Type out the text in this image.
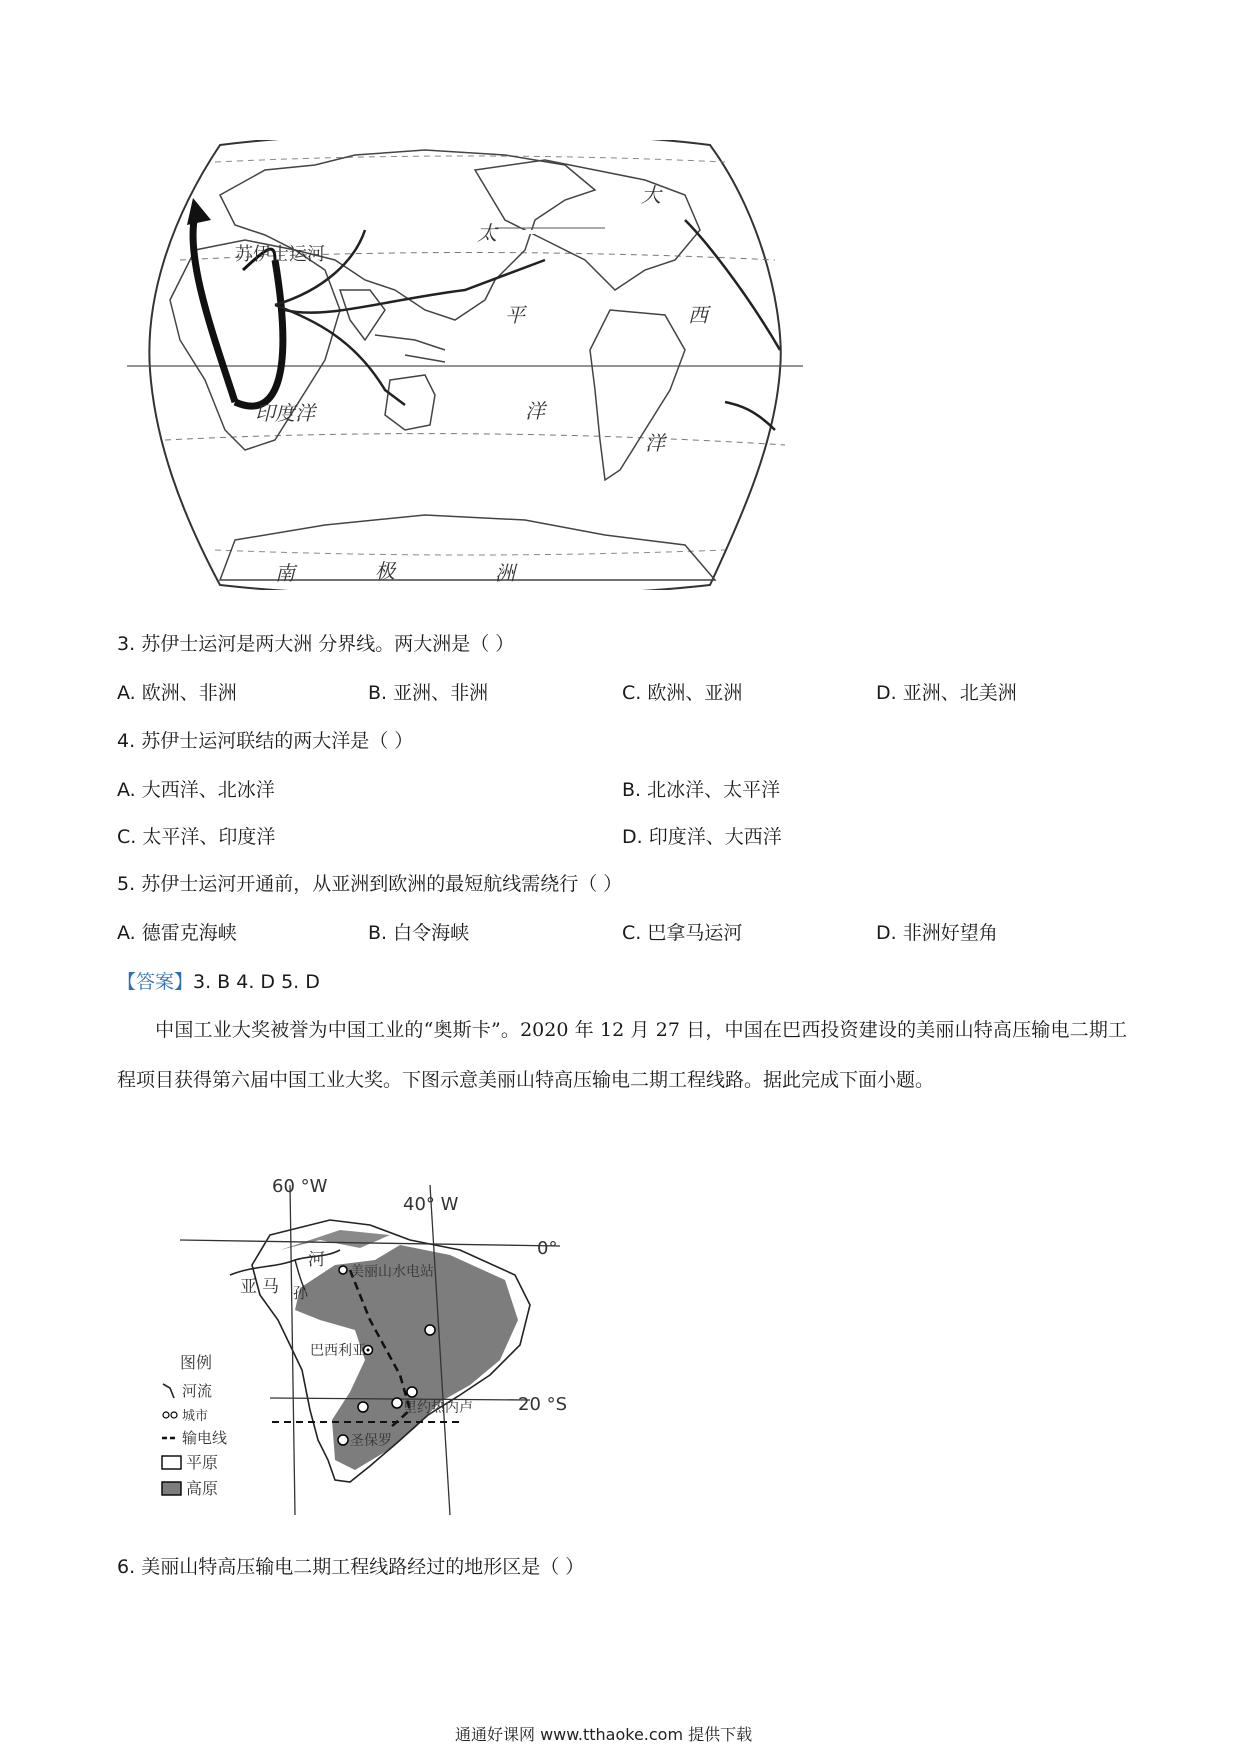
苏伊士运河
太
平
洋
大
西
洋
印度洋
南	极	洲
3. 苏伊士运河是两大洲 分界线。两大洲是（ ）
A. 欧洲、非洲	B. 亚洲、非洲	C. 欧洲、亚洲	D. 亚洲、北美洲
4. 苏伊士运河联结的两大洋是（ ）
A. 大西洋、北冰洋	B. 北冰洋、太平洋
C. 太平洋、印度洋	D. 印度洋、大西洋
5. 苏伊士运河开通前，从亚洲到欧洲的最短航线需绕行（ ）
A. 德雷克海峡	B. 白令海峡	C. 巴拿马运河	D. 非洲好望角
【答案】3. B 4. D 5. D
中国工业大奖被誉为中国工业的“奥斯卡”。2020 年 12 月 27 日，中国在巴西投资建设的美丽山特高压输电二期工程项目获得第六届中国工业大奖。下图示意美丽山特高压输电二期工程线路。据此完成下面小题。
60 °W
40° W
0°
20 °S
亚 马 孙
河
美丽山水电站
巴西利亚
里约热内卢
圣保罗
图例
河流
城市
输电线
平原
高原
6. 美丽山特高压输电二期工程线路经过的地形区是（ ）
通通好课网 www.tthaoke.com 提供下载
